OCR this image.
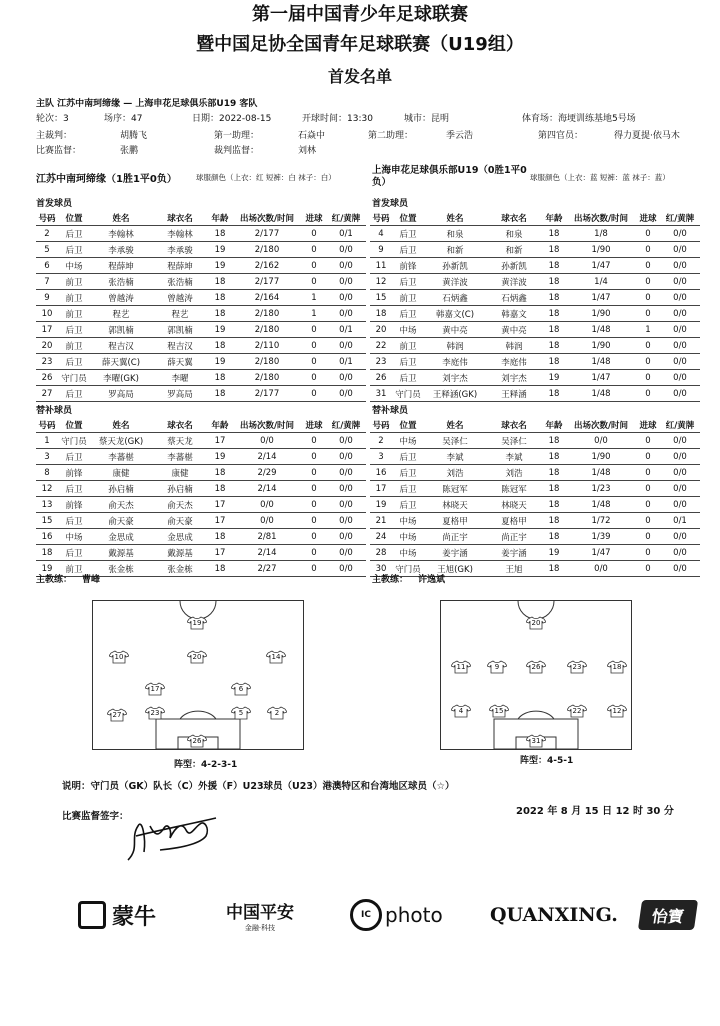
第一届中国青少年足球联赛
暨中国足协全国青年足球联赛（U19组）
首发名单
主队 江苏中南珂缔缘 — 上海申花足球俱乐部U19 客队
轮次：3	场序：47	日期：2022-08-15	开球时间：13:30	城市：昆明	体育场：海埂训练基地5号场
主裁判：	胡腾飞	第一助理：	石焱中	第二助理：	季云浩	第四官员：	得力夏提·依马木
比赛监督：	张鹏	裁判监督：	刘林
江苏中南珂缔缘（1胜1平0负）	球服颜色（上衣：红 短裤：白 袜子：白）
首发球员
上海申花足球俱乐部U19（0胜1平0负）	球服颜色（上衣：蓝 短裤：蓝 袜子：蓝）
首发球员
号码	位置	姓名	球衣名	年龄	出场次数/时间	进球	红/黄牌
2	后卫	李翰林	李翰林	18	2/177	0	0/1
5	后卫	李承骏	李承骏	19	2/180	0	0/0
6	中场	程薛坤	程薛坤	19	2/162	0	0/0
7	前卫	张浩楠	张浩楠	18	2/177	0	0/0
9	前卫	曾越涛	曾越涛	18	2/164	1	0/0
10	前卫	程艺	程艺	18	2/180	1	0/0
17	后卫	郭凯楠	郭凯楠	19	2/180	0	0/1
20	前卫	程吉汉	程吉汉	18	2/110	0	0/0
23	后卫	薛天翼(C)	薛天翼	19	2/180	0	0/1
26	守门员	李曜(GK)	李曜	18	2/180	0	0/0
27	后卫	罗高局	罗高局	18	2/177	0	0/0
号码	位置	姓名	球衣名	年龄	出场次数/时间	进球	红/黄牌
4	后卫	和泉	和泉	18	1/8	0	0/0
9	后卫	和新	和新	18	1/90	0	0/0
11	前锋	孙新凯	孙新凯	18	1/47	0	0/0
12	后卫	黄洋波	黄洋波	18	1/4	0	0/0
15	前卫	石炳鑫	石炳鑫	18	1/47	0	0/0
18	后卫	韩嘉文(C)	韩嘉文	18	1/90	0	0/0
20	中场	黄中亮	黄中亮	18	1/48	1	0/0
22	前卫	韩润	韩润	18	1/90	0	0/0
23	后卫	李庭伟	李庭伟	18	1/48	0	0/0
26	后卫	刘宇杰	刘宇杰	19	1/47	0	0/0
31	守门员	王释涵(GK)	王释涵	18	1/48	0	0/0
替补球员	替补球员
号码	位置	姓名	球衣名	年龄	出场次数/时间	进球	红/黄牌
1	守门员	蔡天龙(GK)	蔡天龙	17	0/0	0	0/0
3	后卫	李蕃椹	李蕃椹	19	2/14	0	0/0
8	前锋	康健	康健	18	2/29	0	0/0
12	后卫	孙启楠	孙启楠	18	2/14	0	0/0
13	前锋	俞天杰	俞天杰	17	0/0	0	0/0
15	后卫	俞天豪	俞天豪	17	0/0	0	0/0
16	中场	金思成	金思成	18	2/81	0	0/0
18	后卫	戴源基	戴源基	17	2/14	0	0/0
19	前卫	张金栋	张金栋	18	2/27	0	0/0
号码	位置	姓名	球衣名	年龄	出场次数/时间	进球	红/黄牌
2	中场	吴泽仁	吴泽仁	18	0/0	0	0/0
3	后卫	李斌	李斌	18	1/90	0	0/0
16	后卫	刘浩	刘浩	18	1/48	0	0/0
17	后卫	陈冠军	陈冠军	18	1/23	0	0/0
19	后卫	林晓天	林晓天	18	1/48	0	0/0
21	中场	夏格甲	夏格甲	18	1/72	0	0/1
24	中场	尚正宇	尚正宇	18	1/39	0	0/0
28	中场	姜宇涵	姜宇涵	19	1/47	0	0/0
30	守门员	王旭(GK)	王旭	18	0/0	0	0/0
主教练： 曹峰	主教练： 许逸斌
19
10	20	14
17	6
27	23	5	2
26
20
11	9	26	23	18
4	15	22	12
31
阵型：4-2-3-1	阵型：4-5-1
说明：守门员（GK）队长（C）外援（F）U23球员（U23）港澳特区和台湾地区球员（☆）
比赛监督签字：	2022 年 8 月 15 日 12 时 30 分
蒙牛	中国平安
金融·科技
IC photo QUANXING.	怡寶
